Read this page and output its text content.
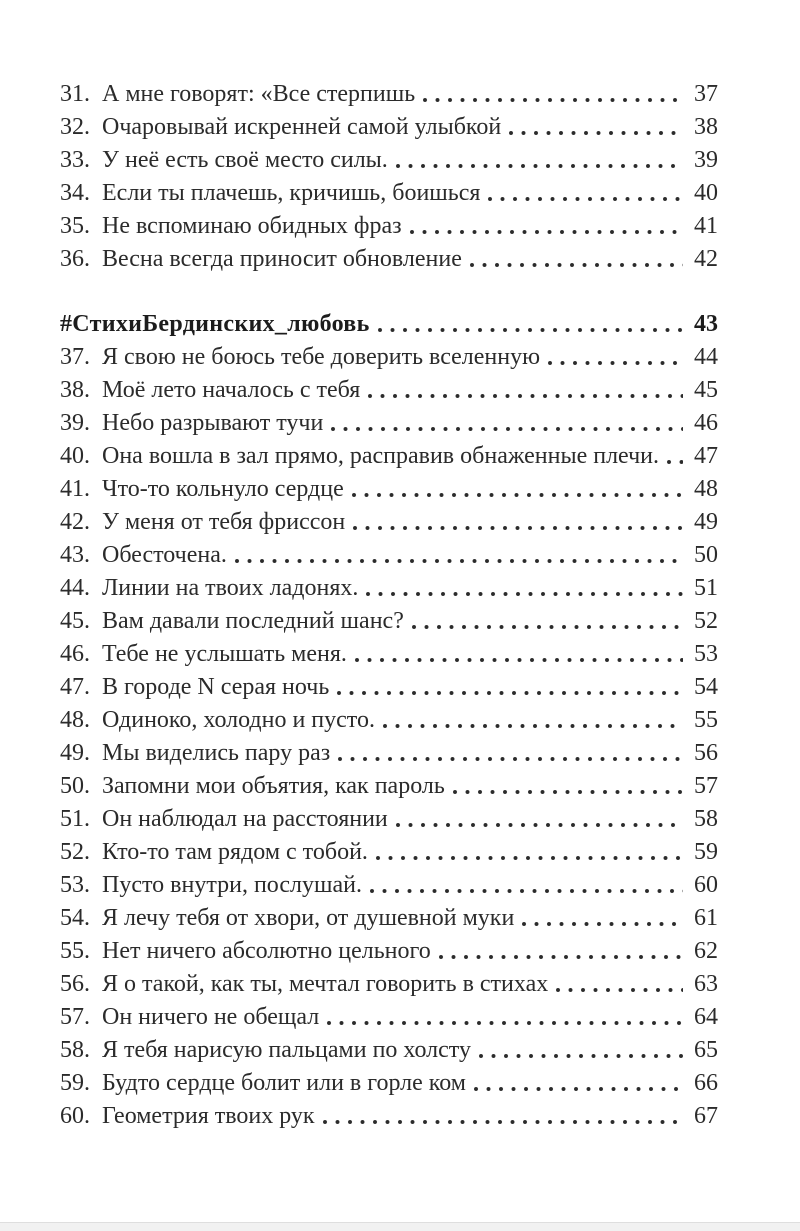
31. А мне говорят: «Все стерпишь	37
32. Очаровывай искренней самой улыбкой	38
33. У неё есть своё место силы.	39
34. Если ты плачешь, кричишь, боишься	40
35. Не вспоминаю обидных фраз	41
36. Весна всегда приносит обновление	42
#СтихиБердинских_любовь	43
37. Я свою не боюсь тебе доверить вселенную	44
38. Моё лето началось с тебя	45
39. Небо разрывают тучи	46
40. Она вошла в зал прямо, расправив обнаженные плечи. 47
41. Что-то кольнуло сердце	48
42. У меня от тебя фриссон	49
43. Обесточена.	50
44. Линии на твоих ладонях.	51
45. Вам давали последний шанс?	52
46. Тебе не услышать меня.	53
47. В городе N серая ночь	54
48. Одиноко, холодно и пусто.	55
49. Мы виделись пару раз	56
50. Запомни мои объятия, как пароль	57
51. Он наблюдал на расстоянии	58
52. Кто-то там рядом с тобой.	59
53. Пусто внутри, послушай.	60
54. Я лечу тебя от хвори, от душевной муки	61
55. Нет ничего абсолютно цельного	62
56. Я о такой, как ты, мечтал говорить в стихах	63
57. Он ничего не обещал	64
58. Я тебя нарисую пальцами по холсту	65
59. Будто сердце болит или в горле ком	66
60. Геометрия твоих рук	67
